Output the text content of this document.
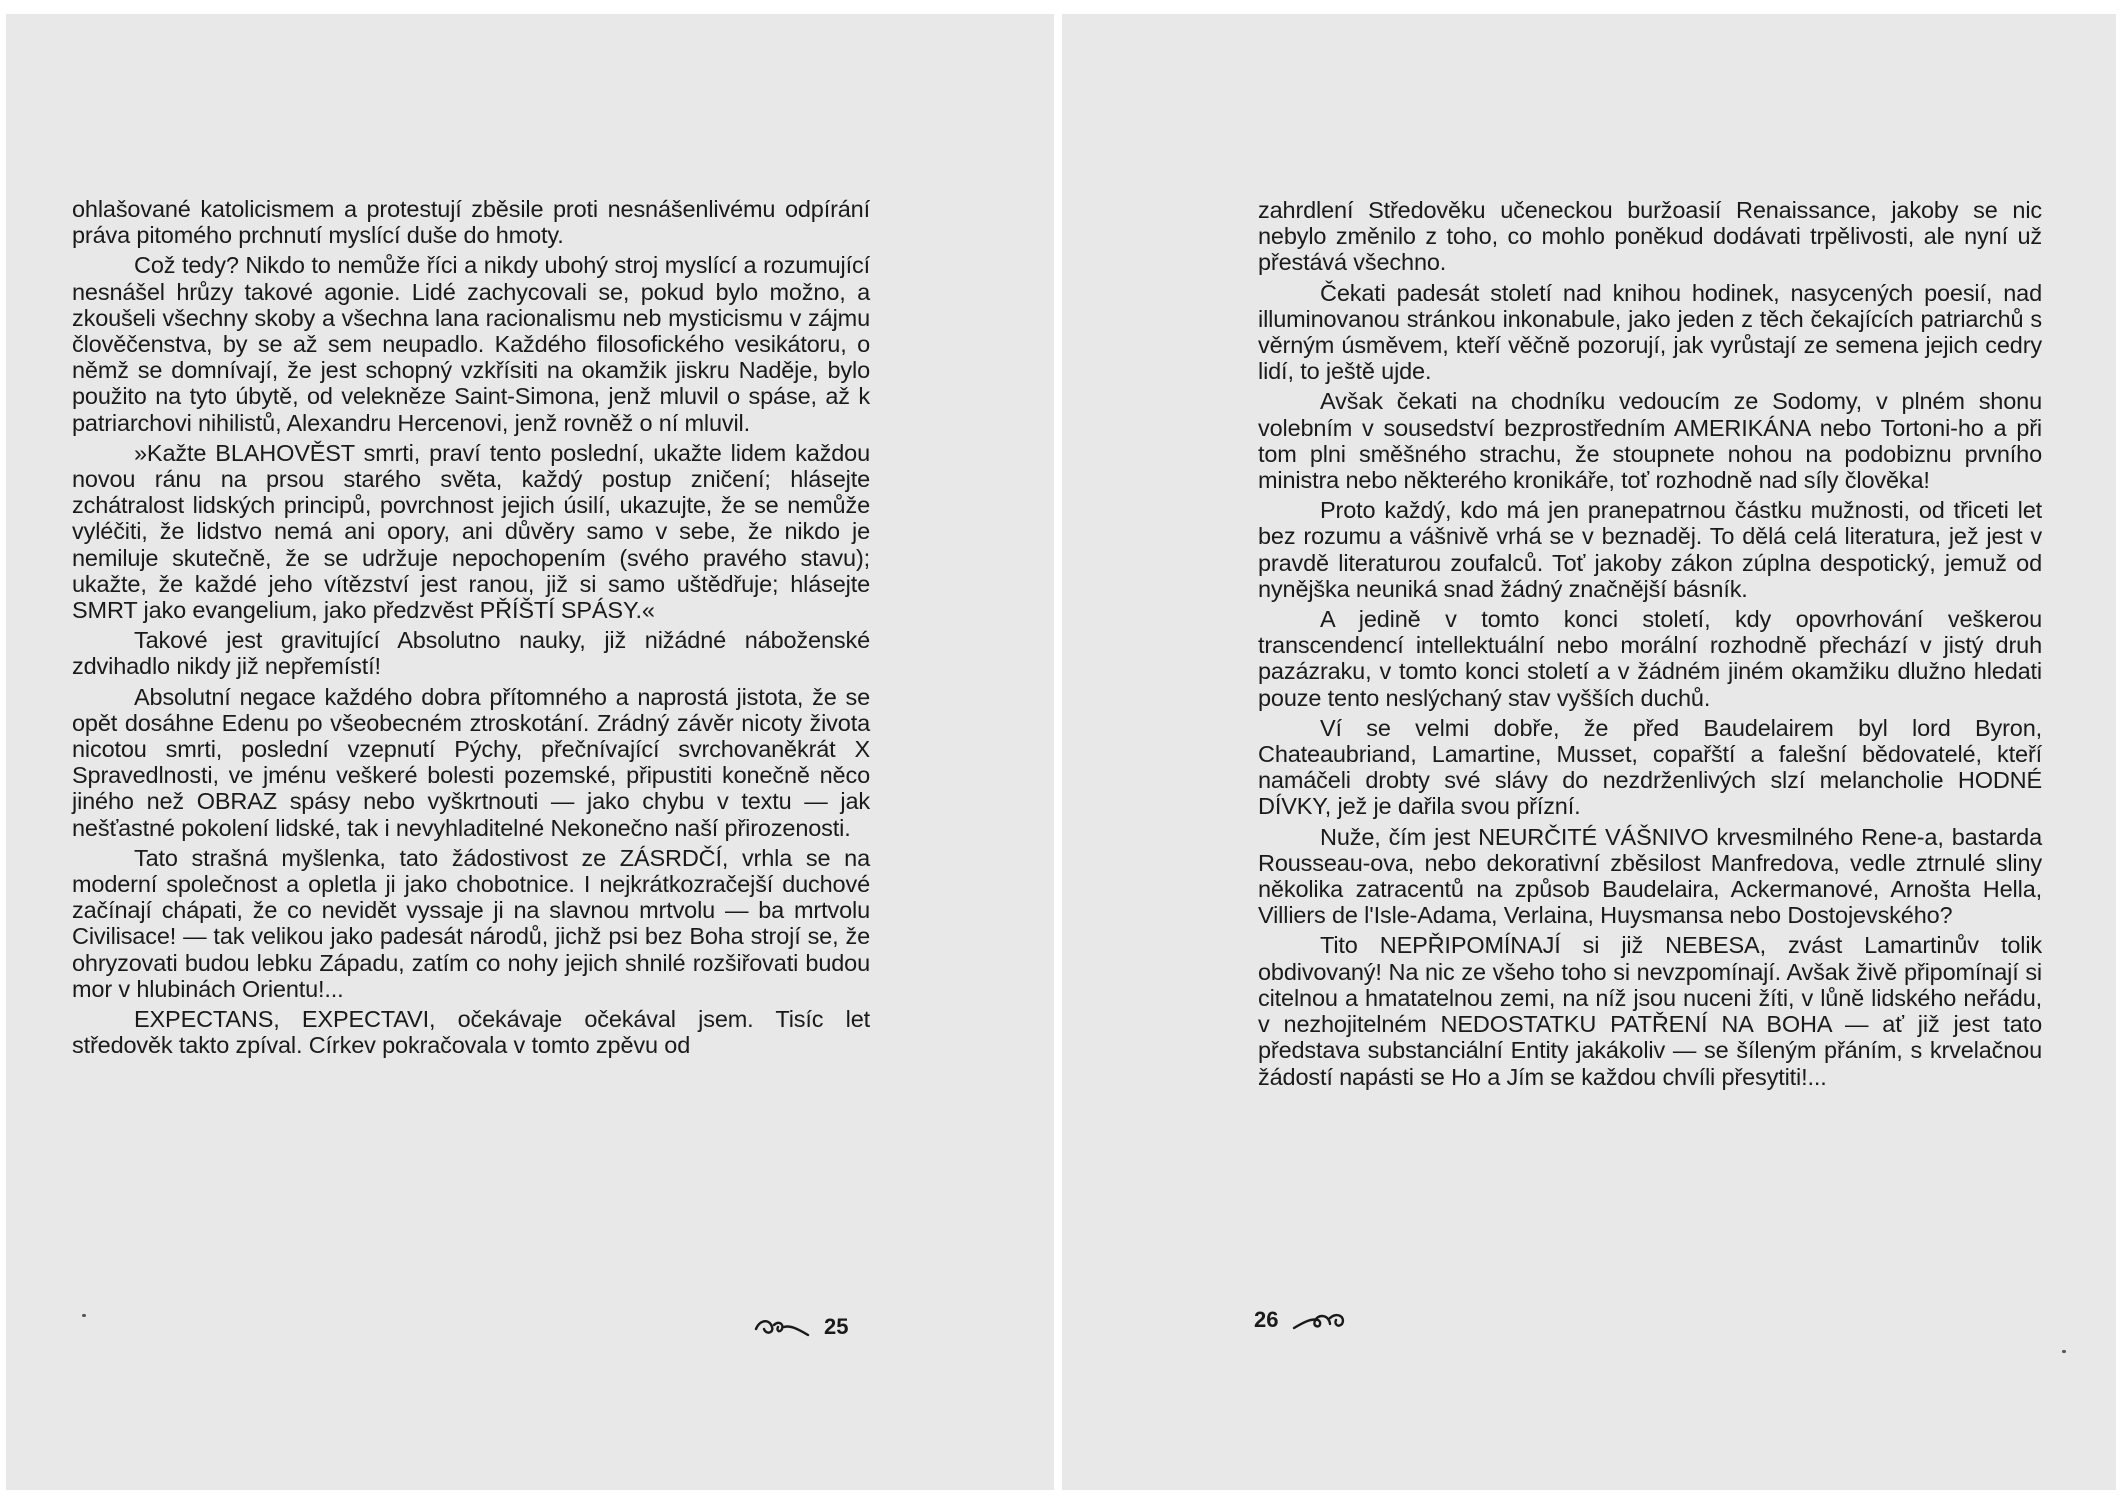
ohlašované katolicismem a protestují zběsile proti nesnášenlivému odpírání práva pitomého prchnutí myslící duše do hmoty.

Což tedy? Nikdo to nemůže říci a nikdy ubohý stroj myslící a rozumující nesnášel hrůzy takové agonie. Lidé zachycovali se, pokud bylo možno, a zkoušeli všechny skoby a všechna lana racionalismu neb mysticismu v zájmu člověčenstva, by se až sem neupadlo. Každého filosofického vesikátoru, o němž se domnívají, že jest schopný vzkřísiti na okamžik jiskru Naděje, bylo použito na tyto úbytě, od velekněze Saint-Simona, jenž mluvil o spáse, až k patriarchovi nihilistů, Alexandru Hercenovi, jenž rovněž o ní mluvil.

»Kažte BLAHOVĚST smrti, praví tento poslední, ukažte lidem každou novou ránu na prsou starého světa, každý postup zničení; hlásejte zchátralost lidských principů, povrchnost jejich úsilí, ukazujte, že se nemůže vyléčiti, že lidstvo nemá ani opory, ani důvěry samo v sebe, že nikdo je nemiluje skutečně, že se udržuje nepochopením (svého pravého stavu); ukažte, že každé jeho vítězství jest ranou, již si samo uštědřuje; hlásejte SMRT jako evangelium, jako předzvěst PŘÍŠTÍ SPÁSY.«

Takové jest gravitující Absolutno nauky, již nižádné náboženské zdvihadlo nikdy již nepřemístí!

Absolutní negace každého dobra přítomného a naprostá jistota, že se opět dosáhne Edenu po všeobecném ztroskotání. Zrádný závěr nicoty života nicotou smrti, poslední vzepnutí Pýchy, přečnívající svrchovaněkrát X Spravedlnosti, ve jménu veškeré bolesti pozemské, připustiti konečně něco jiného než OBRAZ spásy nebo vyškrtnouti — jako chybu v textu — jak nešťastné pokolení lidské, tak i nevyhladitelné Nekonečno naší přirozenosti.

Tato strašná myšlenka, tato žádostivost ze ZÁSRDČÍ, vrhla se na moderní společnost a opletla ji jako chobotnice. I nejkrátkozračejší duchové začínají chápati, že co nevidět vyssaje ji na slavnou mrtvolu — ba mrtvolu Civilisace! — tak velikou jako padesát národů, jichž psi bez Boha strojí se, že ohryzovati budou lebku Západu, zatím co nohy jejich shnilé rozšiřovati budou mor v hlubinách Orientu!...

EXPECTANS, EXPECTAVI, očekávaje očekával jsem. Tisíc let středověk takto zpíval. Církev pokračovala v tomto zpěvu od

25

zahrdlení Středověku učeneckou buržoasií Renaissance, jakoby se nic nebylo změnilo z toho, co mohlo poněkud dodávati trpělivosti, ale nyní už přestává všechno.

Čekati padesát století nad knihou hodinek, nasycených poesií, nad illuminovanou stránkou inkonabule, jako jeden z těch čekajících patriarchů s věrným úsměvem, kteří věčně pozorují, jak vyrůstají ze semena jejich cedry lidí, to ještě ujde.

Avšak čekati na chodníku vedoucím ze Sodomy, v plném shonu volebním v sousedství bezprostředním AMERIKÁNA nebo Tortoni-ho a při tom plni směšného strachu, že stoupnete nohou na podobiznu prvního ministra nebo některého kronikáře, toť rozhodně nad síly člověka!

Proto každý, kdo má jen pranepatrnou částku mužnosti, od třiceti let bez rozumu a vášnivě vrhá se v beznaděj. To dělá celá literatura, jež jest v pravdě literaturou zoufalců. Toť jakoby zákon zúplna despotický, jemuž od nynějška neuniká snad žádný značnější básník.

A jedině v tomto konci století, kdy opovrhování veškerou transcendencí intellektuální nebo morální rozhodně přechází v jistý druh pazázraku, v tomto konci století a v žádném jiném okamžiku dlužno hledati pouze tento neslýchaný stav vyšších duchů.

Ví se velmi dobře, že před Baudelairem byl lord Byron, Chateaubriand, Lamartine, Musset, copařští a falešní bědovatelé, kteří namáčeli drobty své slávy do nezdrženlivých slzí melancholie HODNÉ DÍVKY, jež je dařila svou přízní.

Nuže, čím jest NEURČITÉ VÁŠNIVO krvesmilného Rene-a, bastarda Rousseau-ova, nebo dekorativní zběsilost Manfredova, vedle ztrnulé sliny několika zatracentů na způsob Baudelaira, Ackermanové, Arnošta Hella, Villiers de l'Isle-Adama, Verlaina, Huysmansa nebo Dostojevského?

Tito NEPŘIPOMÍNAJÍ si již NEBESA, zvást Lamartinův tolik obdivovaný! Na nic ze všeho toho si nevzpomínají. Avšak živě připomínají si citelnou a hmatatelnou zemi, na níž jsou nuceni žíti, v lůně lidského neřádu, v nezhojitelném NEDOSTATKU PATŘENÍ NA BOHA — ať již jest tato představa substanciální Entity jakákoliv — se šíleným přáním, s krvelačnou žádostí napásti se Ho a Jím se každou chvíli přesytiti!...

26
